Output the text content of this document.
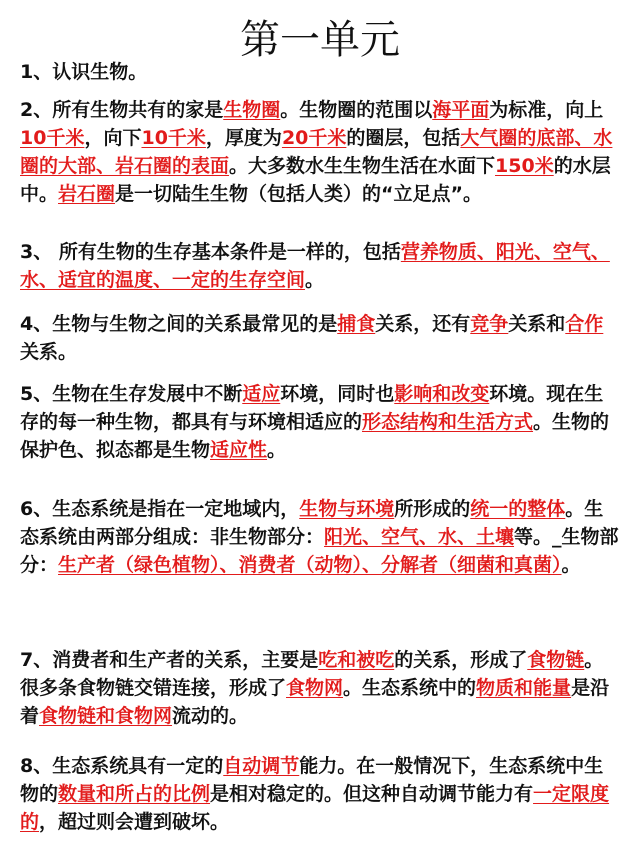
第一单元

1、认识生物。

2、所有生物共有的家是生物圈。生物圈的范围以海平面为标准，向上10千米，向下10千米，厚度为20千米的圈层，包括大气圈的底部、水圈的大部、岩石圈的表面。大多数水生生物生活在水面下150米的水层中。岩石圈是一切陆生生物（包括人类）的“立足点”。

3、 所有生物的生存基本条件是一样的，包括营养物质、阳光、空气、水、适宜的温度、一定的生存空间。

4、生物与生物之间的关系最常见的是捕食关系，还有竞争关系和合作关系。

5、生物在生存发展中不断适应环境，同时也影响和改变环境。现在生存的每一种生物，都具有与环境相适应的形态结构和生活方式。生物的保护色、拟态都是生物适应性。

6、生态系统是指在一定地域内，生物与环境所形成的统一的整体。生态系统由两部分组成：非生物部分：阳光、空气、水、土壤等。_生物部分：生产者（绿色植物）、消费者（动物）、分解者（细菌和真菌）。

7、消费者和生产者的关系，主要是吃和被吃的关系，形成了食物链。很多条食物链交错连接，形成了食物网。生态系统中的物质和能量是沿着食物链和食物网流动的。

8、生态系统具有一定的自动调节能力。在一般情况下，生态系统中生物的数量和所占的比例是相对稳定的。但这种自动调节能力有一定限度的，超过则会遭到破坏。
